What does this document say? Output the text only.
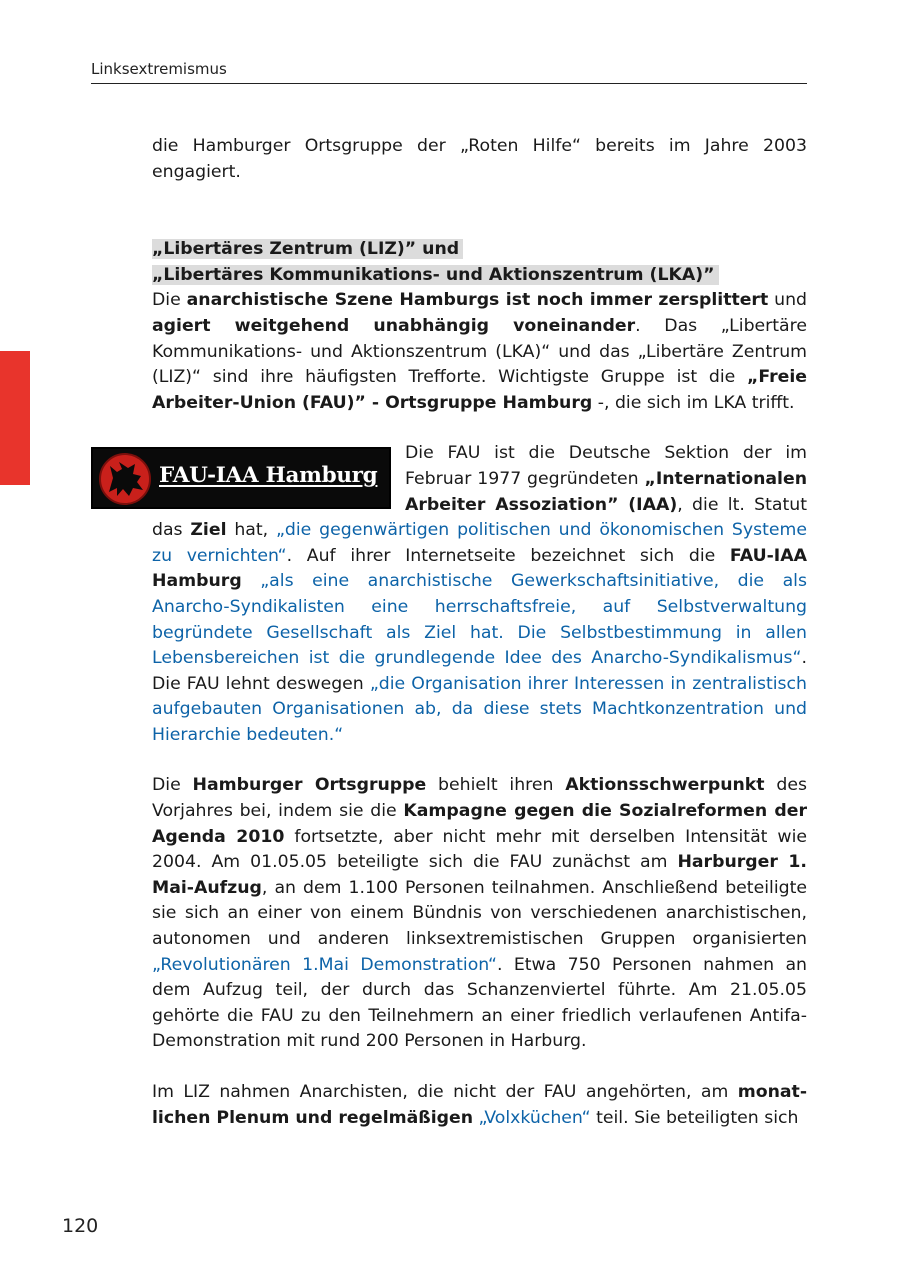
Linksextremismus

die Hamburger Ortsgruppe der „Roten Hilfe“ bereits im Jahre 2003 engagiert.

„Libertäres Zentrum (LIZ)” und
„Libertäres Kommunikations- und Aktionszentrum (LKA)”

Die anarchistische Szene Hamburgs ist noch immer zersplittert und agiert weitgehend unabhängig voneinander. Das „Libertäre Kommunikations- und Aktionszentrum (LKA)“ und das „Libertäre Zentrum (LIZ)“ sind ihre häufigsten Trefforte. Wichtigste Gruppe ist die „Freie Arbeiter-Union (FAU)” - Ortsgruppe Hamburg -, die sich im LKA trifft.

FAU-IAA Hamburg
Die FAU ist die Deutsche Sektion der im Februar 1977 gegründeten „Internationalen Arbeiter Assoziation” (IAA), die lt. Statut das Ziel hat, „die gegenwärtigen politischen und ökonomischen Systeme zu vernichten“. Auf ihrer Internetseite bezeichnet sich die FAU-IAA Hamburg „als eine anarchistische Gewerkschaftsinitiative, die als Anarcho-Syndikalisten eine herrschaftsfreie, auf Selbstverwaltung begründete Gesellschaft als Ziel hat. Die Selbstbestimmung in allen Lebensbereichen ist die grundlegende Idee des Anarcho-Syndikalismus“. Die FAU lehnt deswegen „die Organisation ihrer Interessen in zentralistisch aufgebauten Organisationen ab, da diese stets Machtkonzentration und Hierarchie bedeuten.“

Die Hamburger Ortsgruppe behielt ihren Aktionsschwerpunkt des Vorjahres bei, indem sie die Kampagne gegen die Sozialreformen der Agenda 2010 fortsetzte, aber nicht mehr mit derselben Intensität wie 2004. Am 01.05.05 beteiligte sich die FAU zunächst am Harburger 1. Mai-Aufzug, an dem 1.100 Personen teilnahmen. Anschließend beteiligte sie sich an einer von einem Bündnis von verschiedenen anarchistischen, autonomen und anderen linksextremistischen Gruppen organisierten „Revolutionären 1.Mai Demonstration“. Etwa 750 Personen nahmen an dem Aufzug teil, der durch das Schanzenviertel führte. Am 21.05.05 gehörte die FAU zu den Teilnehmern an einer friedlich verlaufenen Antifa-Demonstration mit rund 200 Personen in Harburg.

Im LIZ nahmen Anarchisten, die nicht der FAU angehörten, am monatlichen Plenum und regelmäßigen „Volxküchen“ teil. Sie beteiligten sich

120
